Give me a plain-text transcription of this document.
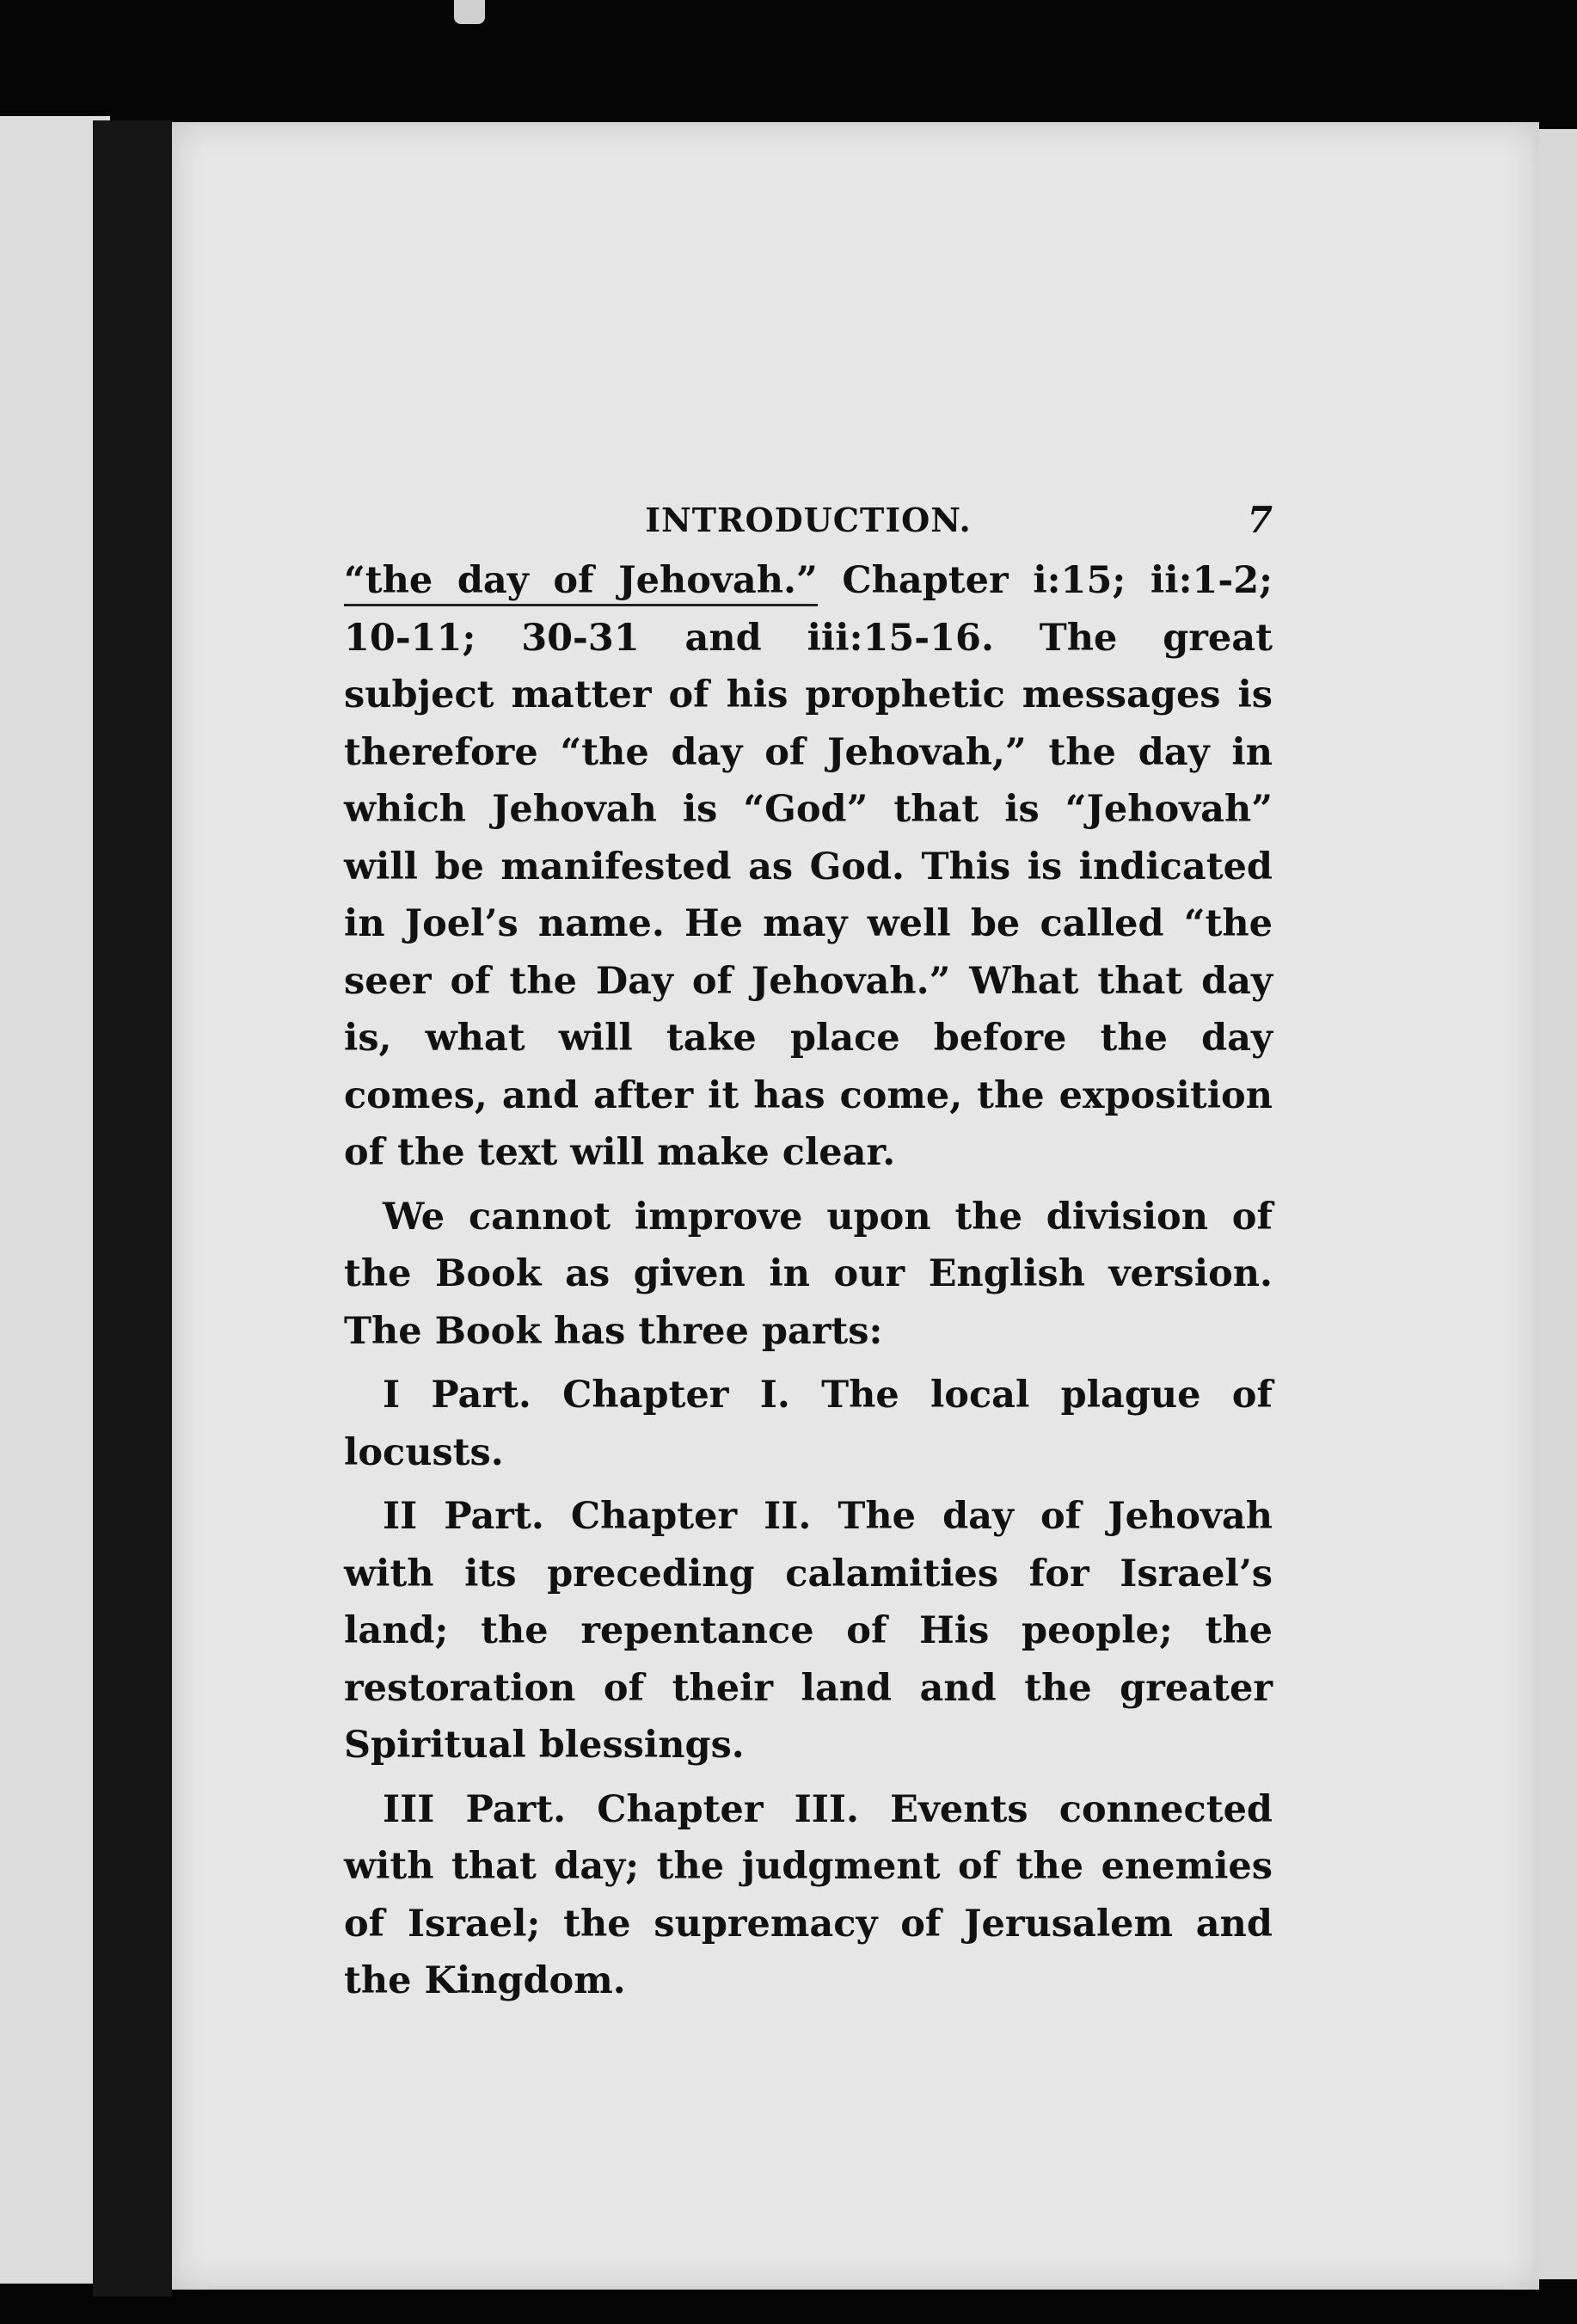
INTRODUCTION.	7

“the day of Jehovah.” Chapter i:15; ii:1-2; 10-11; 30-31 and iii:15-16. The great subject matter of his prophetic messages is therefore “the day of Jehovah,” the day in which Jehovah is “God” that is “Jehovah” will be manifested as God. This is indicated in Joel’s name. He may well be called “the seer of the Day of Jehovah.” What that day is, what will take place before the day comes, and after it has come, the exposition of the text will make clear.

We cannot improve upon the division of the Book as given in our English version. The Book has three parts:

I Part. Chapter I. The local plague of locusts.

II Part. Chapter II. The day of Jehovah with its preceding calamities for Israel’s land; the repentance of His people; the restoration of their land and the greater Spiritual blessings.

III Part. Chapter III. Events connected with that day; the judgment of the enemies of Israel; the supremacy of Jerusalem and the Kingdom.
